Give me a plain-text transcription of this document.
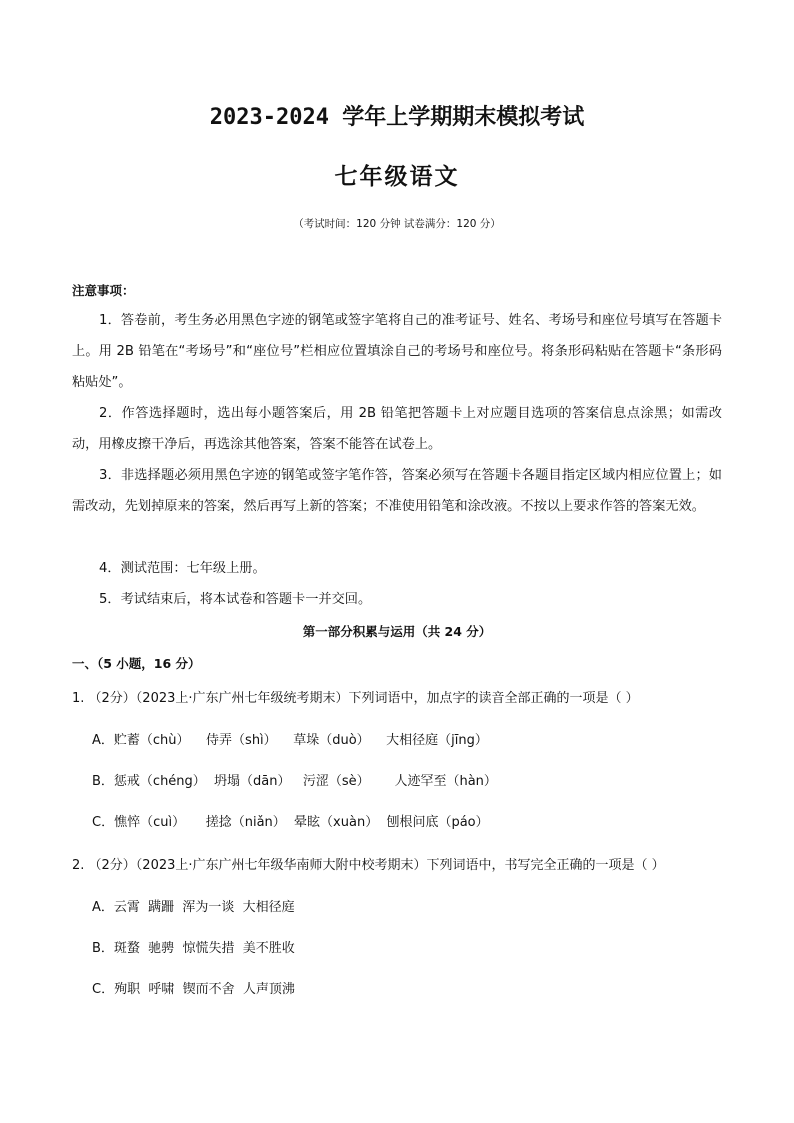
2023-2024 学年上学期期末模拟考试
七年级语文
（考试时间：120 分钟 试卷满分：120 分）
注意事项：

1．答卷前，考生务必用黑色字迹的钢笔或签字笔将自己的准考证号、姓名、考场号和座位号填写在答题卡上。用 2B 铅笔在“考场号”和“座位号”栏相应位置填涂自己的考场号和座位号。将条形码粘贴在答题卡“条形码粘贴处”。

2．作答选择题时，选出每小题答案后，用 2B 铅笔把答题卡上对应题目选项的答案信息点涂黑；如需改动，用橡皮擦干净后，再选涂其他答案，答案不能答在试卷上。

3．非选择题必须用黑色字迹的钢笔或签字笔作答，答案必须写在答题卡各题目指定区域内相应位置上；如需改动，先划掉原来的答案，然后再写上新的答案；不准使用铅笔和涂改液。不按以上要求作答的答案无效。

4．测试范围：七年级上册。

5．考试结束后，将本试卷和答题卡一并交回。

第一部分积累与运用（共 24 分）
一、（5 小题，16 分）
1. （2分）（2023上·广东广州七年级统考期末）下列词语中，加点字的读音全部正确的一项是（ ）
A．贮蓄（chù）    侍弄（shì）    草垛（duò）    大相径庭（jīng）
B．惩戒（chéng）  坍塌（dān）   污涩（sè）      人迹罕至（hàn）
C．憔悴（cuì）     搓捻（niǎn）  晕眩（xuàn）  刨根问底（páo）
2. （2分）（2023上·广东广州七年级华南师大附中校考期末）下列词语中，书写完全正确的一项是（ ）
A．云霄  蹒跚  浑为一谈  大相径庭
B．斑蝥  驰骋  惊慌失措  美不胜收
C．殉职  呼啸  锲而不舍  人声顶沸
